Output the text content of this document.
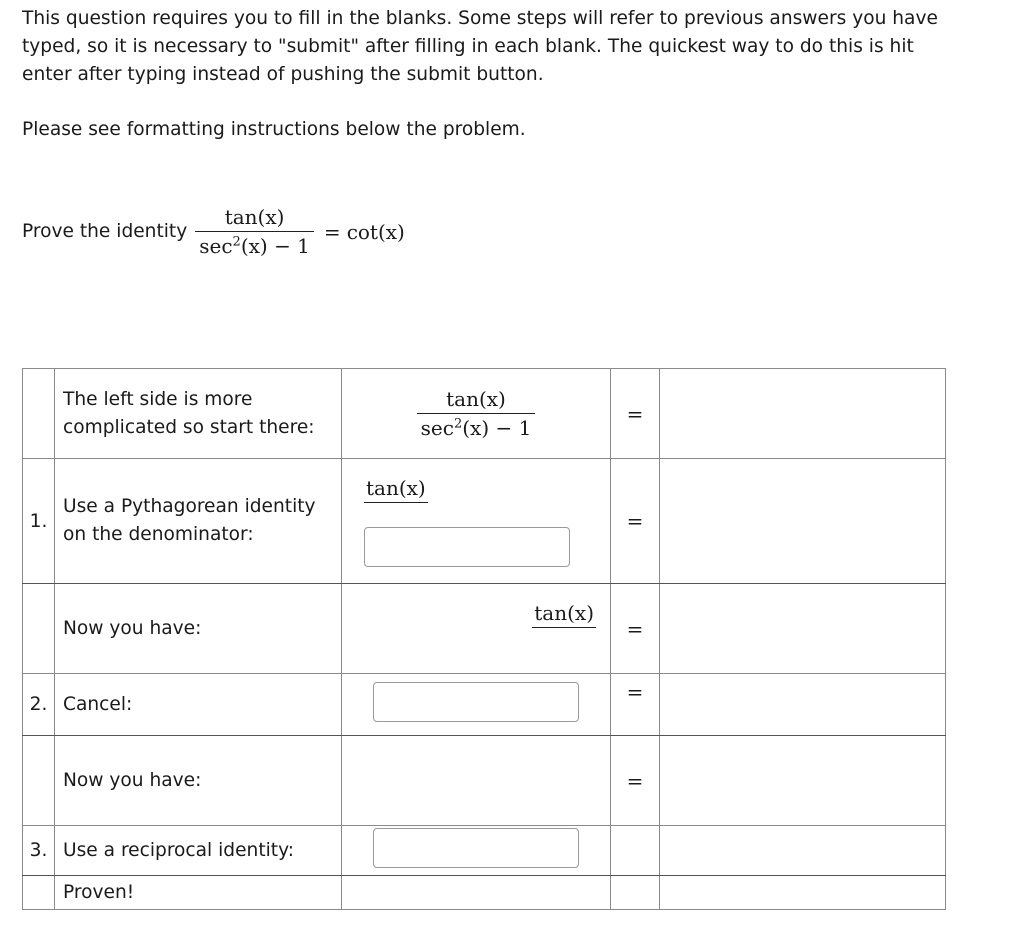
This question requires you to fill in the blanks. Some steps will refer to previous answers you have typed, so it is necessary to "submit" after filling in each blank. The quickest way to do this is hit enter after typing instead of pushing the submit button.

Please see formatting instructions below the problem.

Prove the identity $\frac{\tan(x)}{\sec^2(x) - 1} = \cot(x)$
	The left side is more complicated so start there:	$\frac{\tan(x)}{\sec^2(x) - 1}$	=	
1.	Use a Pythagorean identity on the denominator:	tan(x)	=	
	Now you have:	tan(x)	=	
2.	Cancel:		=	
	Now you have:		=	
3.	Use a reciprocal identity:			
	Proven!			
